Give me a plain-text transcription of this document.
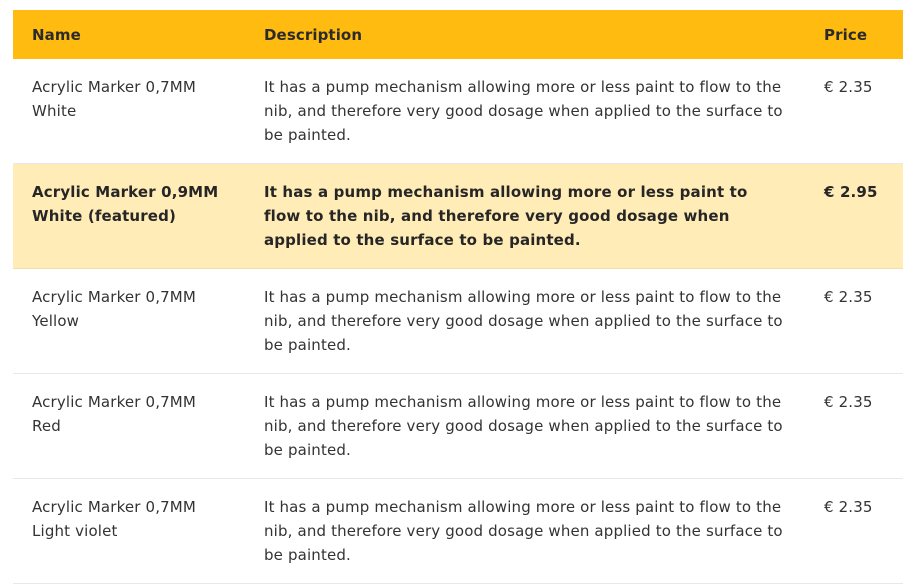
Name	Description	Price
Acrylic Marker 0,7MM White	It has a pump mechanism allowing more or less paint to flow to the nib, and therefore very good dosage when applied to the surface to be painted.	€ 2.35
Acrylic Marker 0,9MM White (featured)	It has a pump mechanism allowing more or less paint to flow to the nib, and therefore very good dosage when applied to the surface to be painted.	€ 2.95
Acrylic Marker 0,7MM Yellow	It has a pump mechanism allowing more or less paint to flow to the nib, and therefore very good dosage when applied to the surface to be painted.	€ 2.35
Acrylic Marker 0,7MM Red	It has a pump mechanism allowing more or less paint to flow to the nib, and therefore very good dosage when applied to the surface to be painted.	€ 2.35
Acrylic Marker 0,7MM Light violet	It has a pump mechanism allowing more or less paint to flow to the nib, and therefore very good dosage when applied to the surface to be painted.	€ 2.35
